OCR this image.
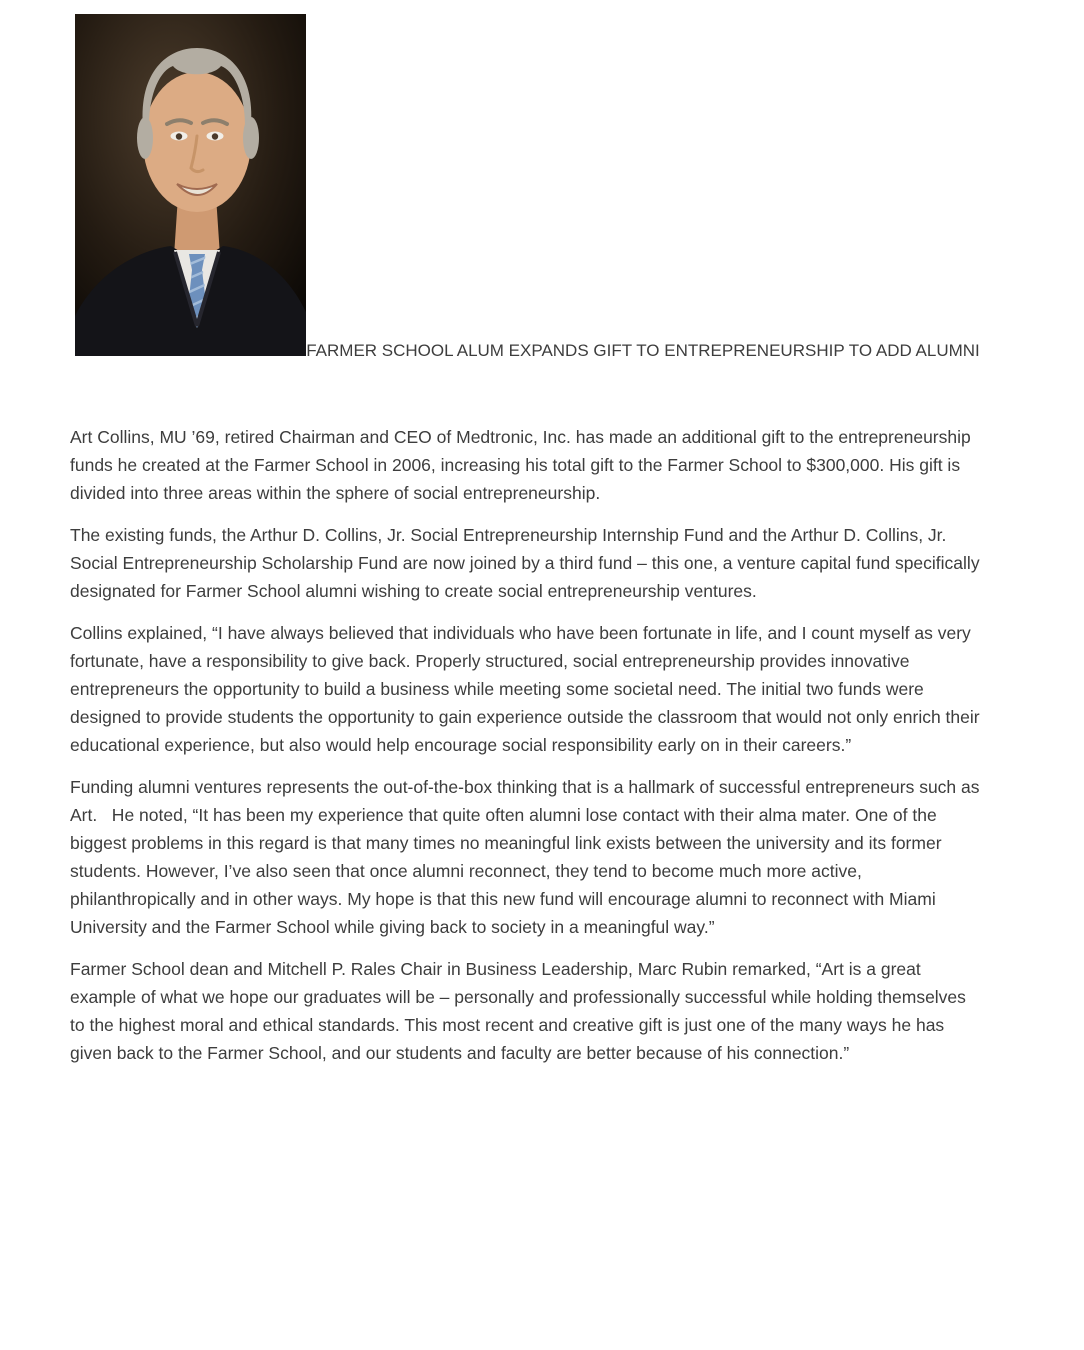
FARMER SCHOOL ALUM EXPANDS GIFT TO ENTREPRENEURSHIP TO ADD ALUMNI

Art Collins, MU ’69, retired Chairman and CEO of Medtronic, Inc. has made an additional gift to the entrepreneurship funds he created at the Farmer School in 2006, increasing his total gift to the Farmer School to $300,000. His gift is divided into three areas within the sphere of social entrepreneurship.

The existing funds, the Arthur D. Collins, Jr. Social Entrepreneurship Internship Fund and the Arthur D. Collins, Jr. Social Entrepreneurship Scholarship Fund are now joined by a third fund – this one, a venture capital fund specifically designated for Farmer School alumni wishing to create social entrepreneurship ventures.

Collins explained, “I have always believed that individuals who have been fortunate in life, and I count myself as very fortunate, have a responsibility to give back. Properly structured, social entrepreneurship provides innovative entrepreneurs the opportunity to build a business while meeting some societal need. The initial two funds were designed to provide students the opportunity to gain experience outside the classroom that would not only enrich their educational experience, but also would help encourage social responsibility early on in their careers.”

Funding alumni ventures represents the out-of-the-box thinking that is a hallmark of successful entrepreneurs such as Art.   He noted, “It has been my experience that quite often alumni lose contact with their alma mater. One of the biggest problems in this regard is that many times no meaningful link exists between the university and its former students. However, I’ve also seen that once alumni reconnect, they tend to become much more active, philanthropically and in other ways. My hope is that this new fund will encourage alumni to reconnect with Miami University and the Farmer School while giving back to society in a meaningful way.”

Farmer School dean and Mitchell P. Rales Chair in Business Leadership, Marc Rubin remarked, “Art is a great example of what we hope our graduates will be – personally and professionally successful while holding themselves to the highest moral and ethical standards. This most recent and creative gift is just one of the many ways he has given back to the Farmer School, and our students and faculty are better because of his connection.”
